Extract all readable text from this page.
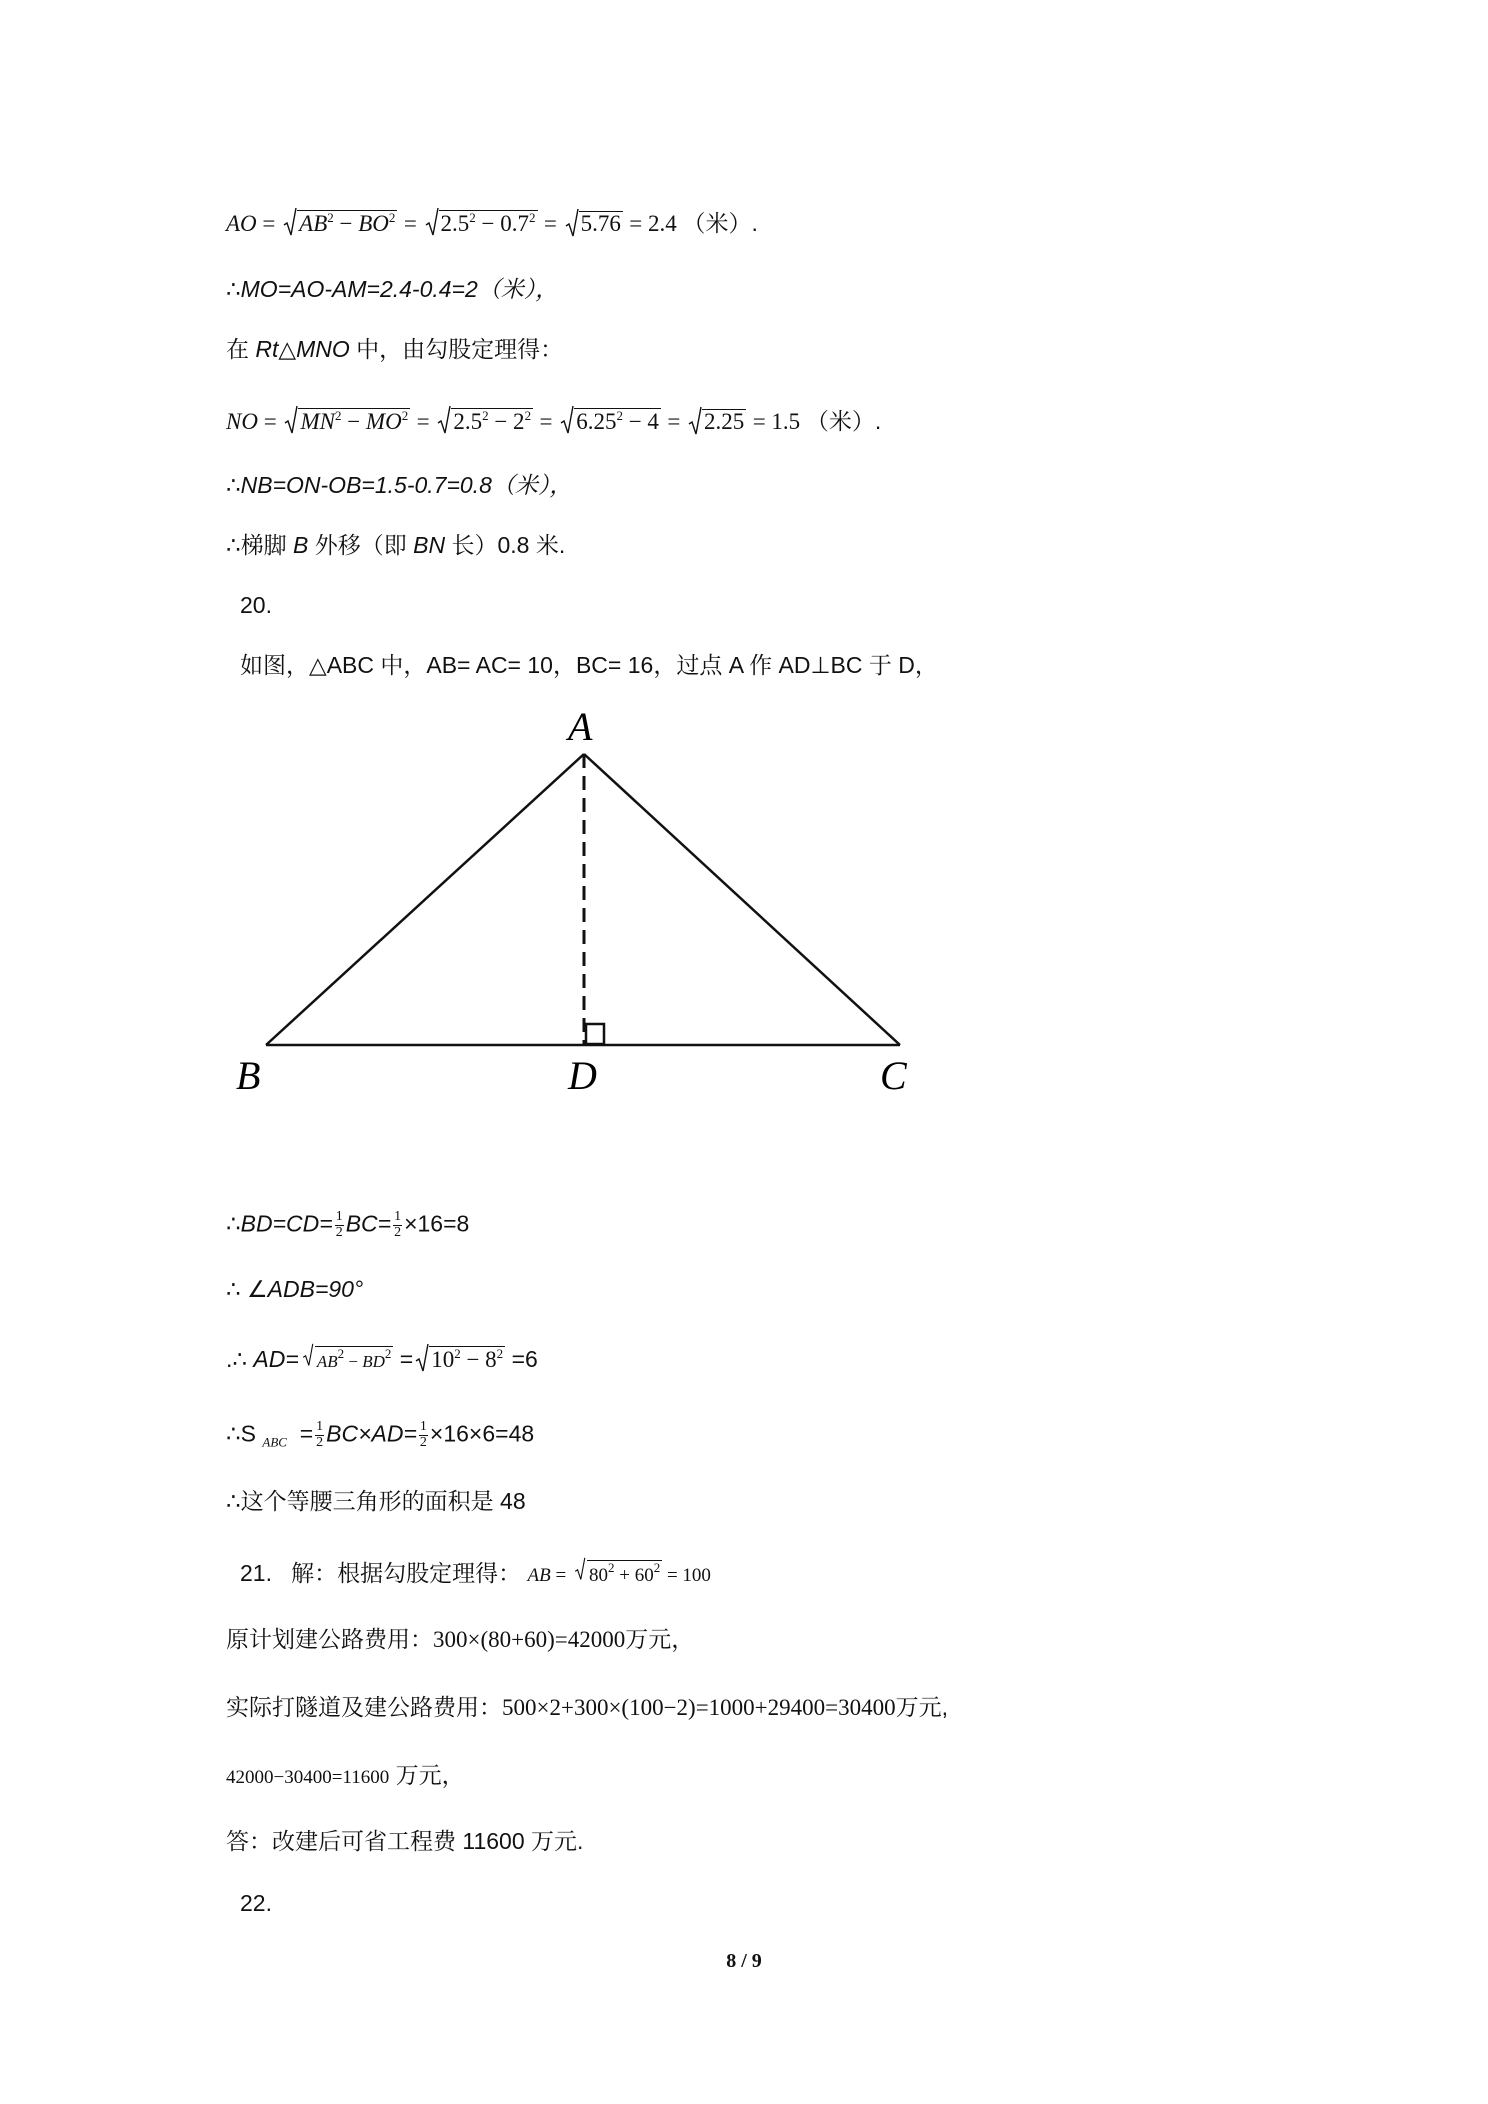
AO =
$AB^2 - BO^2$ =
$2.5^2 - 0.7^2$ =
5.76 = 2.4 （米）.
∴MO=AO-AM=2.4-0.4=2（米），
在 Rt△MNO 中，由勾股定理得：
NO =
$MN^2 - MO^2$ =
$2.5^2 - 2^2$ =
$6.25^2 - 4$ =
2.25 = 1.5 （米）.
∴NB=ON-OB=1.5-0.7=0.8（米），
∴梯脚 B 外移（即 BN 长）0.8 米.
20.
如图，△ABC 中，AB= AC= 10，BC= 16，过点 A 作 AD⊥BC 于 D，
A
B	D	C
∴BD=CD= $\frac{1}{2} BC= \frac{1}{2} \times 16=8$
∴ ∠ADB=90°
.∴ $AD= AB^2 - BD^2 = 10^2 - 8^2 =6$
∴S $_{ABC} = \frac{1}{2} BC\times AD= \frac{1}{2} \times 16\times 6=48$
∴这个等腰三角形的面积是 48
21. 解：根据勾股定理得： AB =
$80^2 + 60^2 = 100$
原计划建公路费用：300×(80+60)=42000万元，
实际打隧道及建公路费用：500×2+300×(100−2)=1000+29400=30400万元,
42000−30400=11600 万元，
答：改建后可省工程费 11600 万元.
22.
8 / 9
